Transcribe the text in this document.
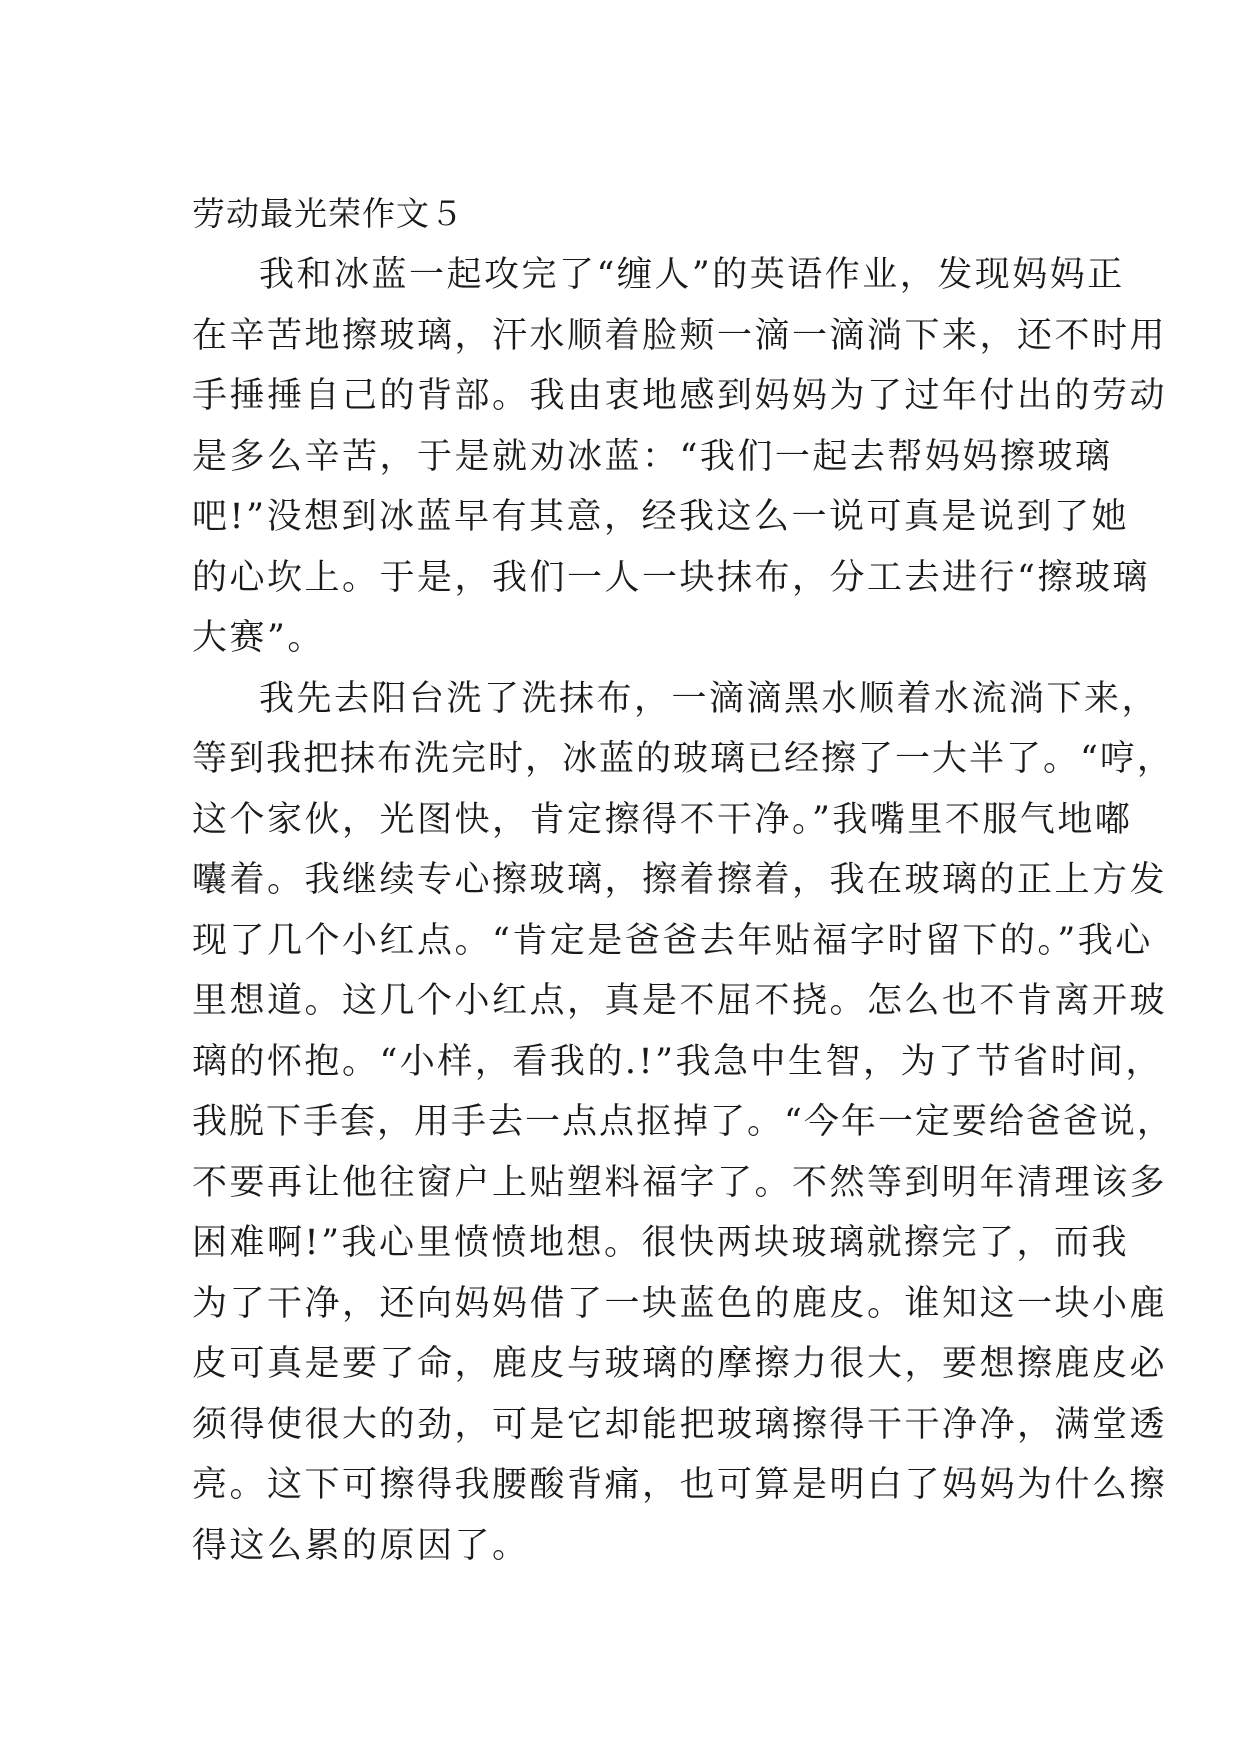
劳动最光荣作文５
我和冰蓝一起攻完了“缠人”的英语作业，发现妈妈正
在辛苦地擦玻璃，汗水顺着脸颊一滴一滴淌下来，还不时用
手捶捶自己的背部。我由衷地感到妈妈为了过年付出的劳动
是多么辛苦，于是就劝冰蓝：“我们一起去帮妈妈擦玻璃
吧!”没想到冰蓝早有其意，经我这么一说可真是说到了她
的心坎上。于是，我们一人一块抹布，分工去进行“擦玻璃
大赛”。
我先去阳台洗了洗抹布，一滴滴黑水顺着水流淌下来，
等到我把抹布洗完时，冰蓝的玻璃已经擦了一大半了。“哼，
这个家伙，光图快，肯定擦得不干净。”我嘴里不服气地嘟
囔着。我继续专心擦玻璃，擦着擦着，我在玻璃的正上方发
现了几个小红点。“肯定是爸爸去年贴福字时留下的。”我心
里想道。这几个小红点，真是不屈不挠。怎么也不肯离开玻
璃的怀抱。“小样，看我的.!”我急中生智，为了节省时间，
我脱下手套，用手去一点点抠掉了。“今年一定要给爸爸说，
不要再让他往窗户上贴塑料福字了。不然等到明年清理该多
困难啊!”我心里愤愤地想。很快两块玻璃就擦完了，而我
为了干净，还向妈妈借了一块蓝色的鹿皮。谁知这一块小鹿
皮可真是要了命，鹿皮与玻璃的摩擦力很大，要想擦鹿皮必
须得使很大的劲，可是它却能把玻璃擦得干干净净，满堂透
亮。这下可擦得我腰酸背痛，也可算是明白了妈妈为什么擦
得这么累的原因了。
